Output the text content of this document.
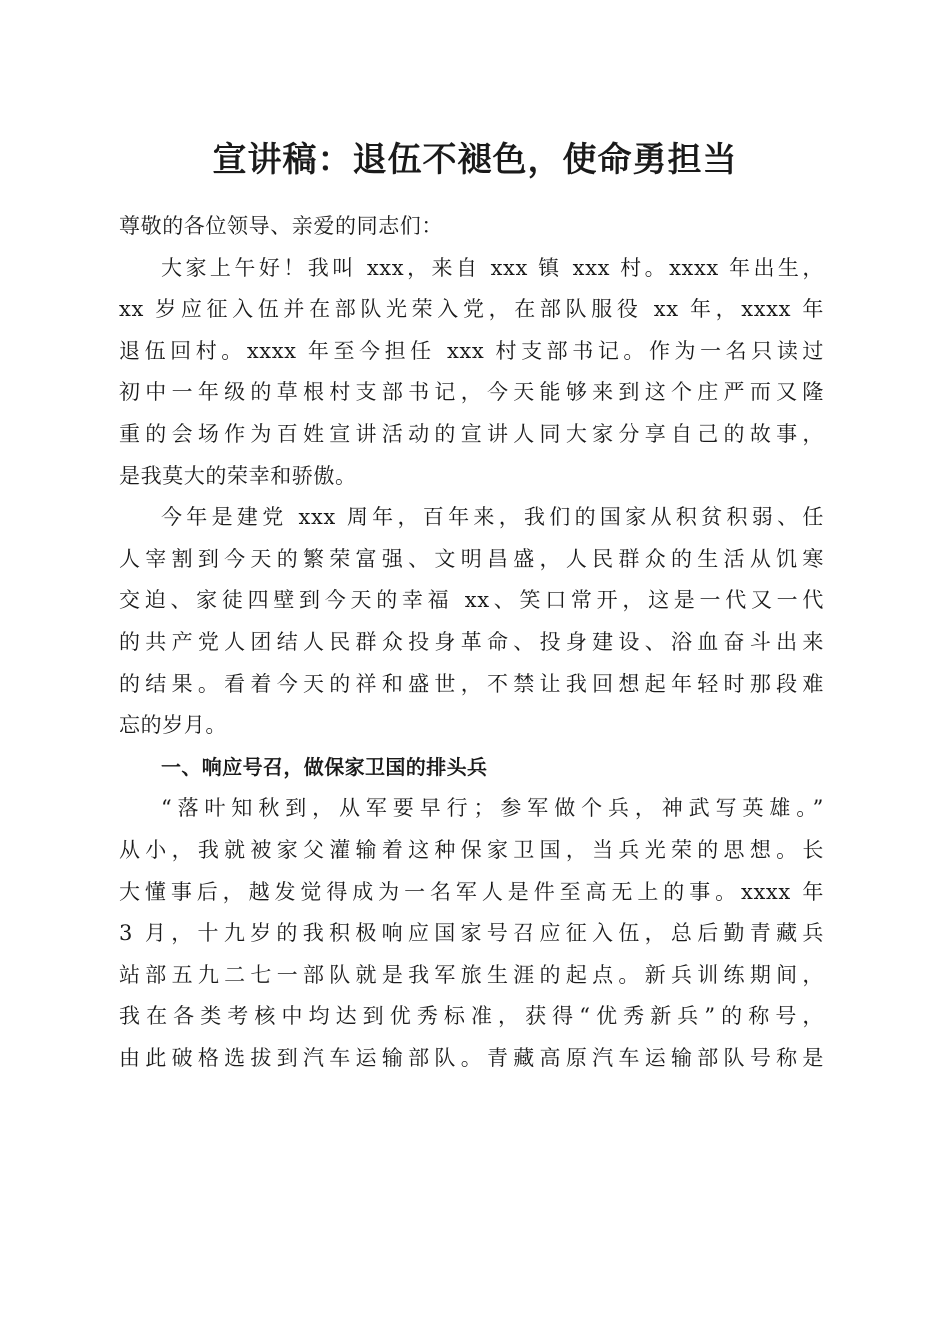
宣讲稿：退伍不褪色，使命勇担当
尊敬的各位领导、亲爱的同志们：
大家上午好！我叫 xxx，来自 xxx 镇 xxx 村。xxxx 年出生，
xx 岁应征入伍并在部队光荣入党，在部队服役 xx 年，xxxx 年
退伍回村。xxxx 年至今担任 xxx 村支部书记。作为一名只读过
初中一年级的草根村支部书记，今天能够来到这个庄严而又隆
重的会场作为百姓宣讲活动的宣讲人同大家分享自己的故事，
是我莫大的荣幸和骄傲。
今年是建党 xxx 周年，百年来，我们的国家从积贫积弱、任
人宰割到今天的繁荣富强、文明昌盛，人民群众的生活从饥寒
交迫、家徒四壁到今天的幸福 xx、笑口常开，这是一代又一代
的共产党人团结人民群众投身革命、投身建设、浴血奋斗出来
的结果。看着今天的祥和盛世，不禁让我回想起年轻时那段难
忘的岁月。
一、响应号召，做保家卫国的排头兵
“落叶知秋到，从军要早行；参军做个兵，神武写英雄。”
从小，我就被家父灌输着这种保家卫国，当兵光荣的思想。长
大懂事后，越发觉得成为一名军人是件至高无上的事。xxxx 年
3 月，十九岁的我积极响应国家号召应征入伍，总后勤青藏兵
站部五九二七一部队就是我军旅生涯的起点。新兵训练期间，
我在各类考核中均达到优秀标准，获得“优秀新兵”的称号，
由此破格选拔到汽车运输部队。青藏高原汽车运输部队号称是
